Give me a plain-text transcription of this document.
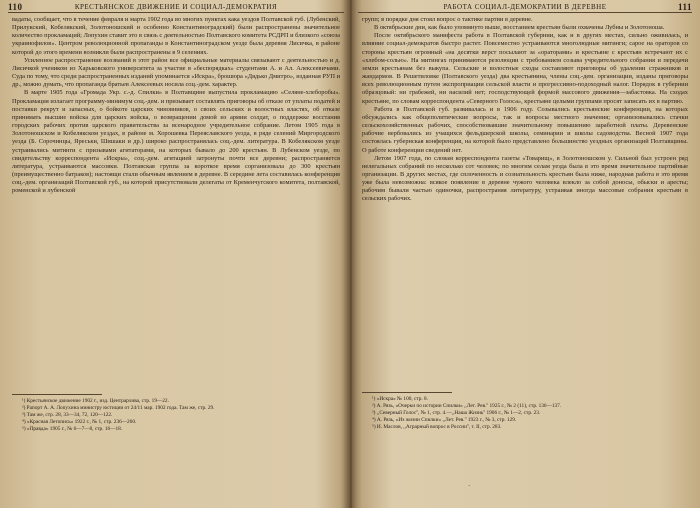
110	КРЕСТЬЯНСКОЕ ДВИЖЕНИЕ И СОЦИАЛ-ДЕМОКРАТИЯ

вадаты, сообщает, что в течение февраля и марта 1902 года во многих пунктах кака уездов Полтавской губ. (Лубенский, Прилукский, Кобелякский, Золотоношский и особенно Константиноградский) были распространены значительное количество прокламаций; Лопухин ставит это в связь с деятельностью Полтавского комитета РСДРП и близкого «союза украинофилов». Центром революционной пропаганды в Константиноградском уезде была деревня Лисичка, в районе которой до этого времени возникли были распространены в 9 селениях.

Усиленное распространение воззваний в этот район все официальные материалы связывают с деятельностью и д. Лисичкой учеником из Харьковского университета за участие в «беспорядках» студентами А. и Ал. Алексеевичами. Суда по тому, что среди распространенных изданий упоминается «Искра», брошюра «Дядько Дмитро», изданная РУП и др., можно думать, что пропаганда братьев Алексеевых носила соц.-дем. характер.

В марте 1905 года «Громада Укр. с.-д. Спилки» в Полтавщине выпустила прокламацию «Селяне-хлеборобы». Прокламация излагает программу-минимум соц.-дем. и призывает составлять приговоры об отказе от уплаты податей и поставки рекрут и запасных, о бойкоте царских чиновников, о своих сельских и волостных властях, об отказе принимать высшие войска для царских войска, о возвращении домой из армии солдат, о поддержке восстания городских рабочих против царского правительства за всенародное учредительное собрание. Летом 1905 года в Золотоношском и Кобелякском уездах, в районе м. Хорошевка Переяславского уезда, в ряде селений Миргородского уезда (Б. Сорочинцы, Яреськи, Шишаки и др.) широко распространялась соц.-дем. литература. В Кобелякском уезде устраивались митинги с призывами агитаторами, на которых бывало до 200 крестьян. В Лубенском уезде, по свидетельству корреспондента «Искры», соц.-дем. агитацией затронуты почти все деревни; распространяется литература, устраиваются массовки. Полтавская группа за короткое время сорганизовала до 300 крестьян (преимущественно батраков); настоящи стали обычным явлением в деревне. В середине лета составилась конференция соц.-дем. организаций Полтавской губ., на которой присутствовали делегаты от Кременчугского комитета, полтавской, роменской и лубенской

¹) Крестьянское движение 1902 г., изд. Центрархива, стр. 19—22.
²) Рапорт А. А. Лопухина министру юстиции от 24/11 мар. 1902 года. Там же, стр. 29.
³) Там же, стр. 28, 33—34, 72, 120—122.
⁴) «Красная Летопись» 1922 г., № 1, стр. 236—260.
⁵) «Правда» 1905 г., № 6—7—8, стр. 16—18.
РАБОТА СОЦИАЛ-ДЕМОКРАТИИ В ДЕРЕВНЕ	111

групп; в порядке дня стоял вопрос о тактике партии в деревне.

В октябрьские дни, как было упомянуто выше, восстанием крестьян были охвачены Лубны и Золотоноша.

После октябрьского манифеста работа в Полтавской губернии, как и в других местах, сильно оживилась, и влияние социал-демократов быстро растет. Повсеместно устраиваются многолюдные митинги; сарое на ораторов со стороны крестьян огромный «на десятки верст посылают за «ораторами» и крестьяне с крестьян встречают их с «хлебом-солью». На митингах принимаются резолюции с требованием созыва учредительного собрания и передачи земли крестьянам без выкупа. Сельские и волостные сходы составляют приговоры об удалении стражников и жандармов. В Решетиловке (Полтавского уезда) два крестьянина, члены соц.-дем. организации, изданы приговоры всех революционным путем экспроприации сельской власти и прогрессивно-подоходный налог. Порядок в губернии образцовый: ни грабежей, ни насилий нет; господствующей формой массового движения—забастовка. На сходах крестьяне, по словам корреспондента «Северного Голоса», крестьяне целыми группами просят записать их в партию.

Работа в Полтавской губ. развивалась и в 1906 году. Созывались крестьянские конференции, на которых обсуждались как общеполитические вопросы, так и вопросы местного значения; организовывались стачки сельскохозяйственных рабочих, способствовавшие значительному повышению заработной платы. Деревенские рабочие вербовались из учащихся фельдшерской школы, семинарии и школы садоводства. Весной 1907 года состоялась губернская конференция, на которой было представлено большинство уездных организаций Полтавщины. О работе конференции сведений нет.

Летом 1907 года, по словам корреспондента газеты «Товарищ», в Золотоношском у. Сильной был устроен ряд нелегальных собраний по несколько сот человек; по многим селам уезда была в это время значительное партийные организации. В других местах, где сплоченность и сознательность крестьян была ниже, народная работа в это время уже была невозможна: всякое появление в деревне чужого человека влекло за собой доносы, обыски и аресты; рабочим бывали частью одиночки, распространяя литературу, устраивая иногда массовые собрания крестьян в сельских рабочих.

¹) «Искра» № 100, стр. 8.
²) А. Рязь, «Очерки по истории Спилки» ,,Лет. Рев.'' 1925 г., № 2 (11), стр. 136—137.
³) ,,Северный Голос'', № 1, стр. 4.—,,Наша Жизнь'' 1906 г., № 1—2, стр. 23.
⁴) А. Рязь, «Из жизни Спилки» ,,Лет. Рев.'' 1923 г., № 3, стр. 129.
⁵) И. Маслов, ,,Аграрный вопрос в России'', т. II, стр. 283.
·
